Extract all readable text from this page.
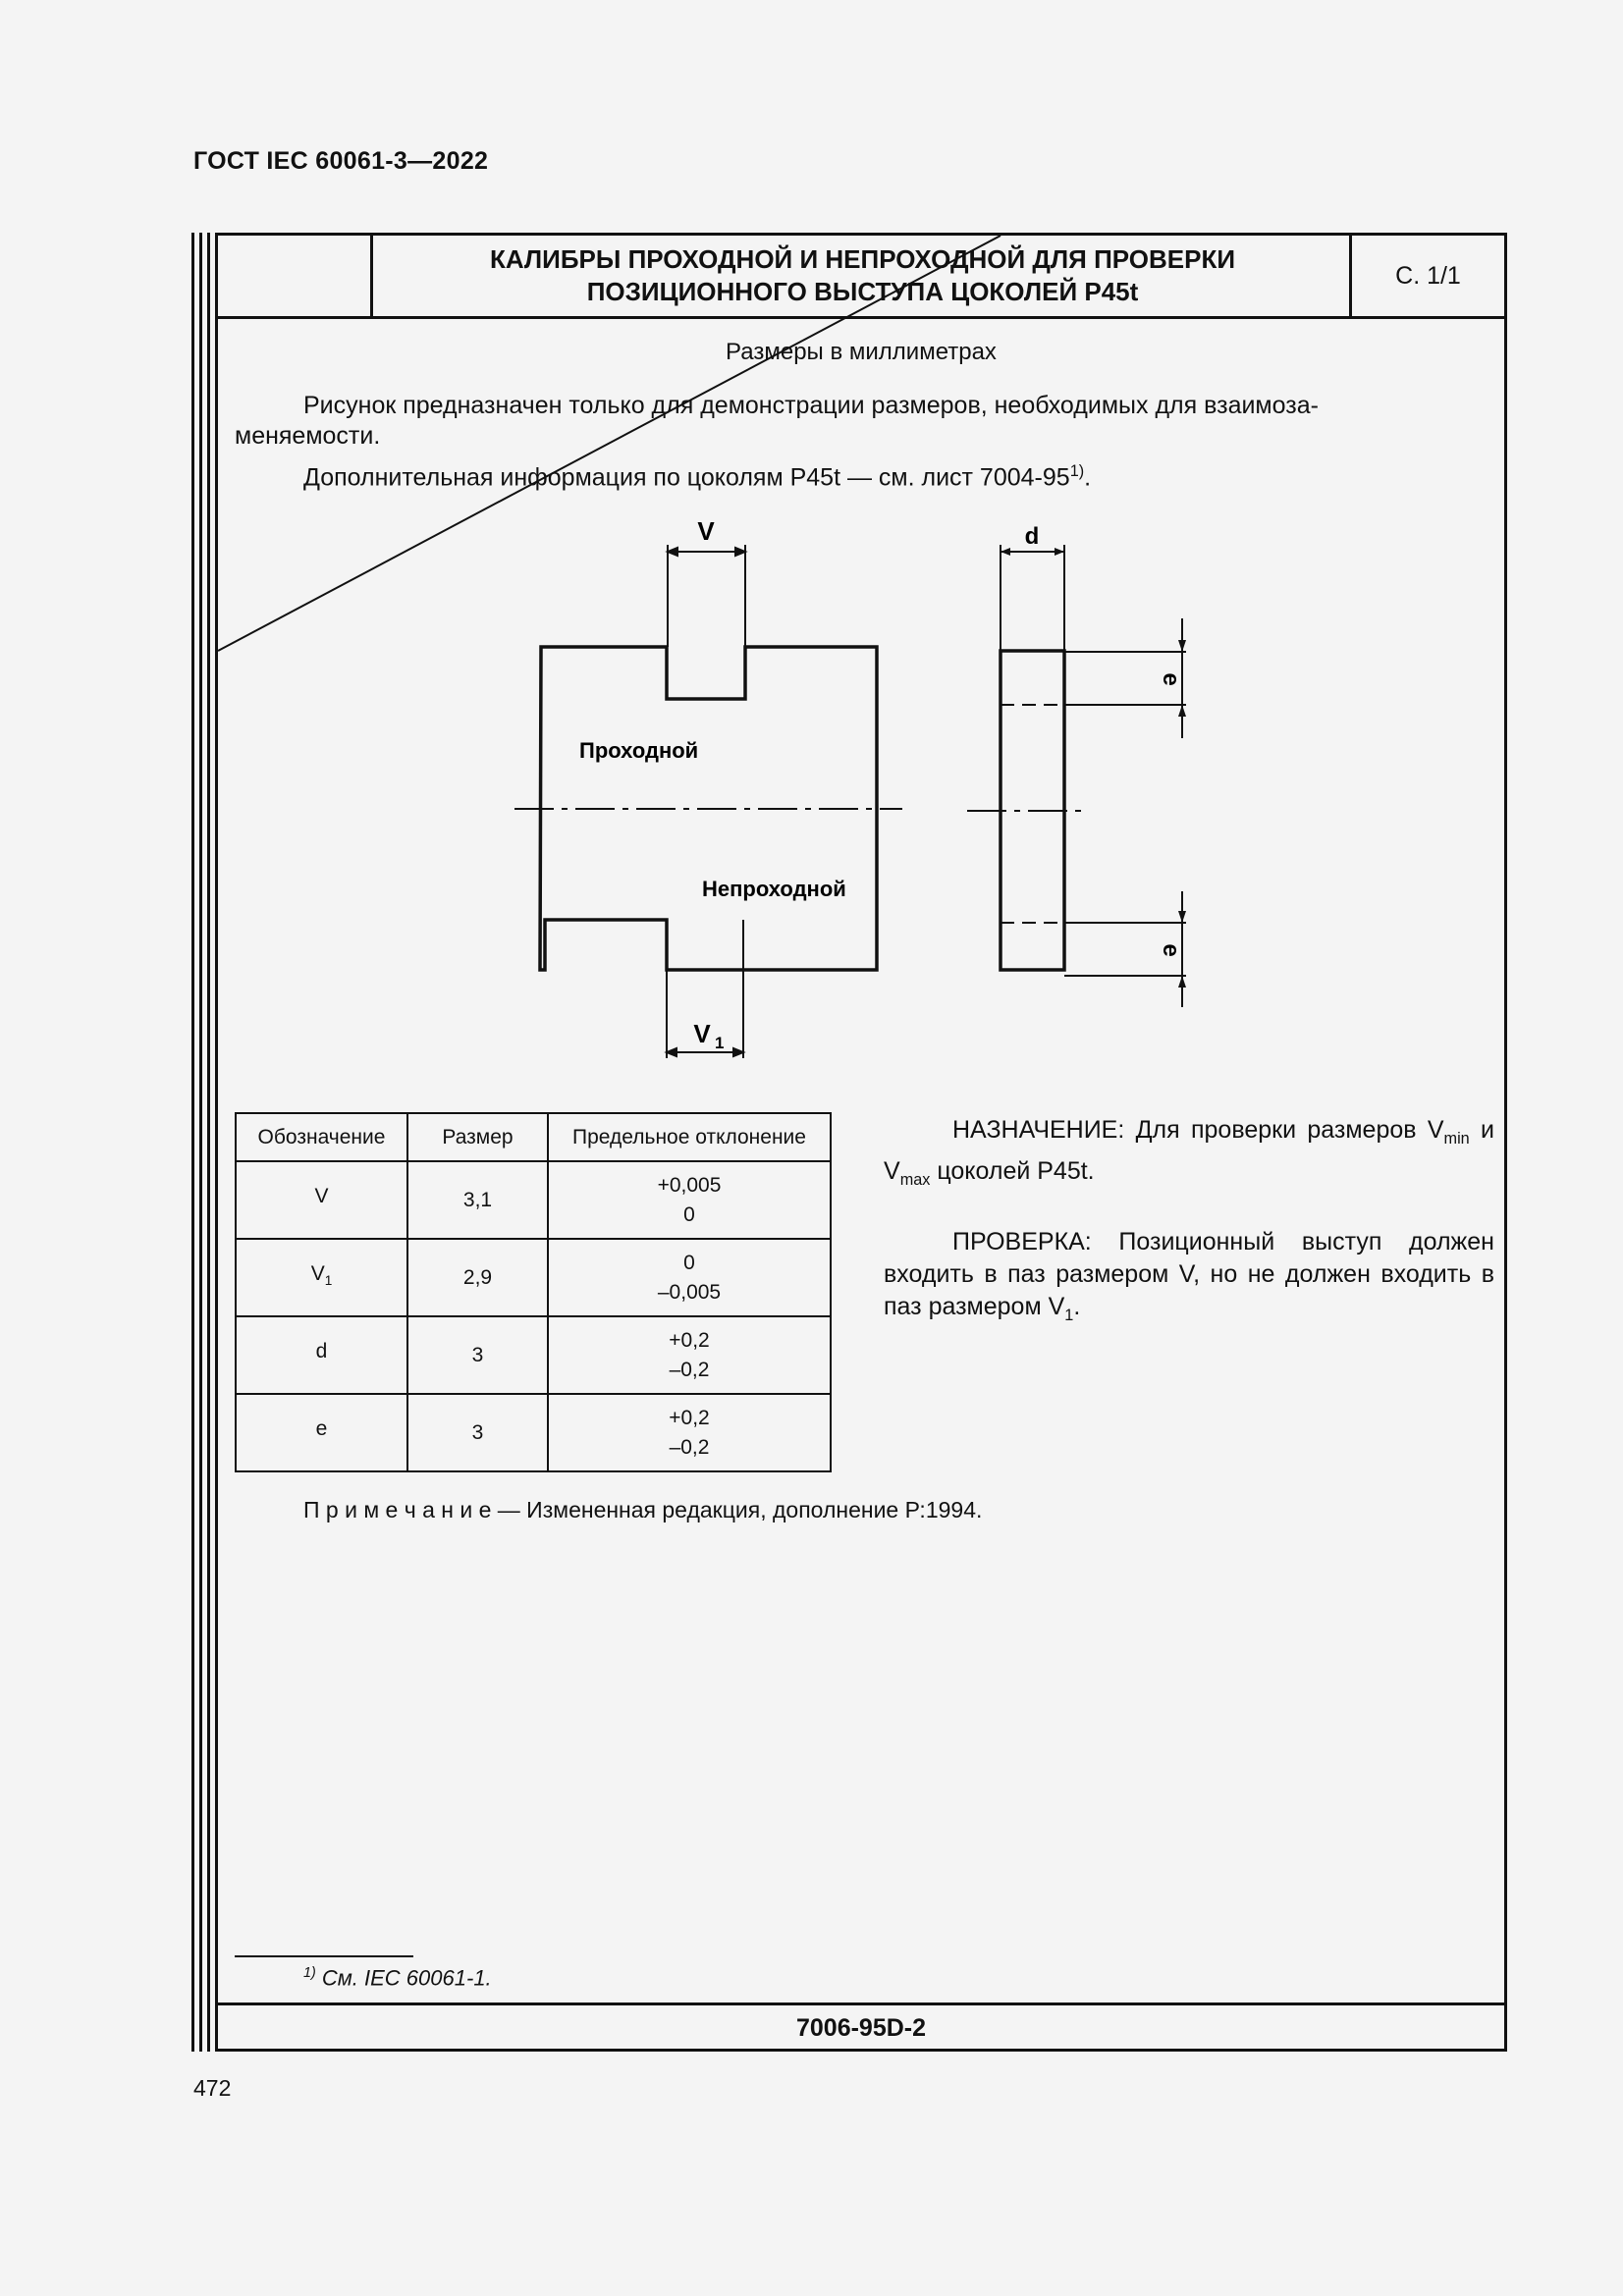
ГОСТ IEC 60061-3—2022
КАЛИБРЫ ПРОХОДНОЙ И НЕПРОХОДНОЙ ДЛЯ ПРОВЕРКИ
ПОЗИЦИОННОГО ВЫСТУПА ЦОКОЛЕЙ P45t
С. 1/1
Размеры в миллиметрах
Рисунок предназначен только для демонстрации размеров, необходимых для взаимоза-
меняемости.
Дополнительная информация по цоколям P45t — см. лист 7004-95$^{1)}$.
V
V 1
d
e
e
Проходной
Непроходной
Обозначение	Размер	Предельное отклонение
V	3,1	+0,005
0

$V_1$	2,9	0
–0,005

d	3	+0,2
–0,2

e	3	+0,2
–0,2

НАЗНАЧЕНИЕ: Для проверки размеров $V_{min}$ и $V_{max}$ цоколей P45t.

ПРОВЕРКА: Позиционный выступ должен входить в паз размером V, но не должен входить в паз размером $V_1$.

П р и м е ч а н и е — Измененная редакция, дополнение Р:1994.
$^{1)}$ См. IEC 60061-1.
7006-95D-2
472
